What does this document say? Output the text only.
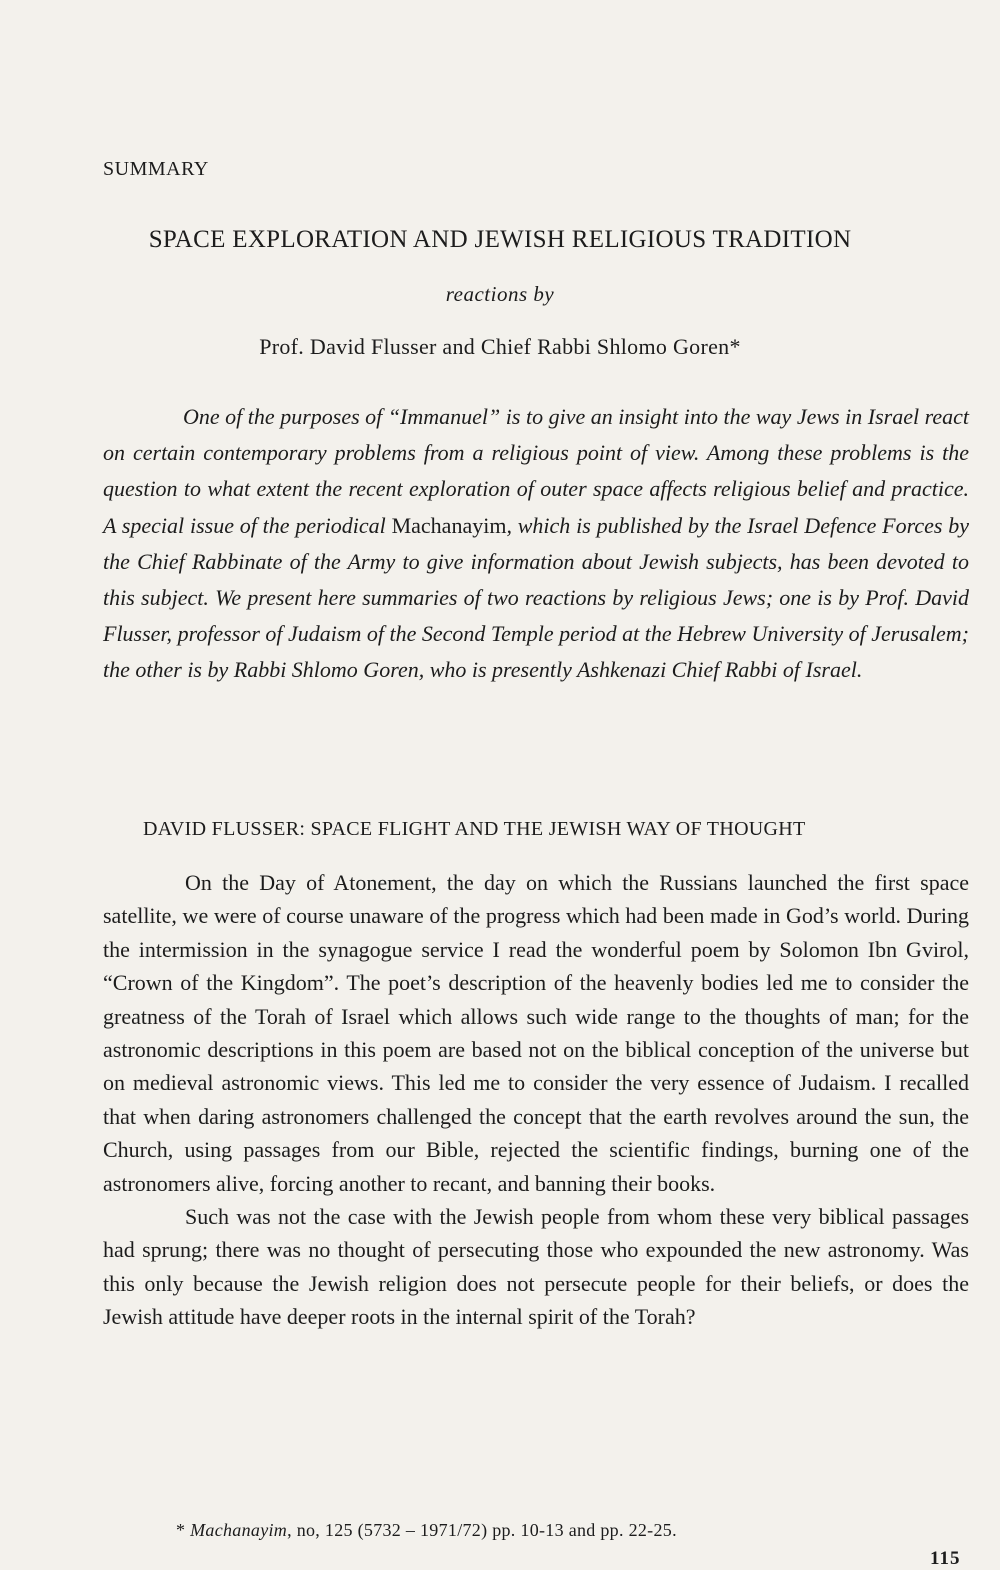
SUMMARY
SPACE EXPLORATION AND JEWISH RELIGIOUS TRADITION
reactions by
Prof. David Flusser and Chief Rabbi Shlomo Goren*

One of the purposes of “Immanuel” is to give an insight into the way Jews in Israel react on certain contemporary problems from a religious point of view. Among these problems is the question to what extent the recent exploration of outer space affects religious belief and practice. A special issue of the periodical Machanayim, which is published by the Israel Defence Forces by the Chief Rabbinate of the Army to give information about Jewish subjects, has been devoted to this subject. We present here summaries of two reactions by religious Jews; one is by Prof. David Flusser, professor of Judaism of the Second Temple period at the Hebrew University of Jerusalem; the other is by Rabbi Shlomo Goren, who is presently Ashkenazi Chief Rabbi of Israel.

DAVID FLUSSER: SPACE FLIGHT AND THE JEWISH WAY OF THOUGHT

On the Day of Atonement, the day on which the Russians launched the first space satellite, we were of course unaware of the progress which had been made in God’s world. During the intermission in the synagogue service I read the wonderful poem by Solomon Ibn Gvirol, “Crown of the Kingdom”. The poet’s description of the heavenly bodies led me to consider the greatness of the Torah of Israel which allows such wide range to the thoughts of man; for the astronomic descriptions in this poem are based not on the biblical conception of the universe but on medieval astronomic views. This led me to consider the very essence of Judaism. I recalled that when daring astronomers challenged the concept that the earth revolves around the sun, the Church, using passages from our Bible, rejected the scientific findings, burning one of the astronomers alive, forcing another to recant, and banning their books.

Such was not the case with the Jewish people from whom these very biblical passages had sprung; there was no thought of persecuting those who expounded the new astronomy. Was this only because the Jewish religion does not persecute people for their beliefs, or does the Jewish attitude have deeper roots in the internal spirit of the Torah?

* Machanayim, no, 125 (5732 – 1971/72) pp. 10-13 and pp. 22-25.
115
